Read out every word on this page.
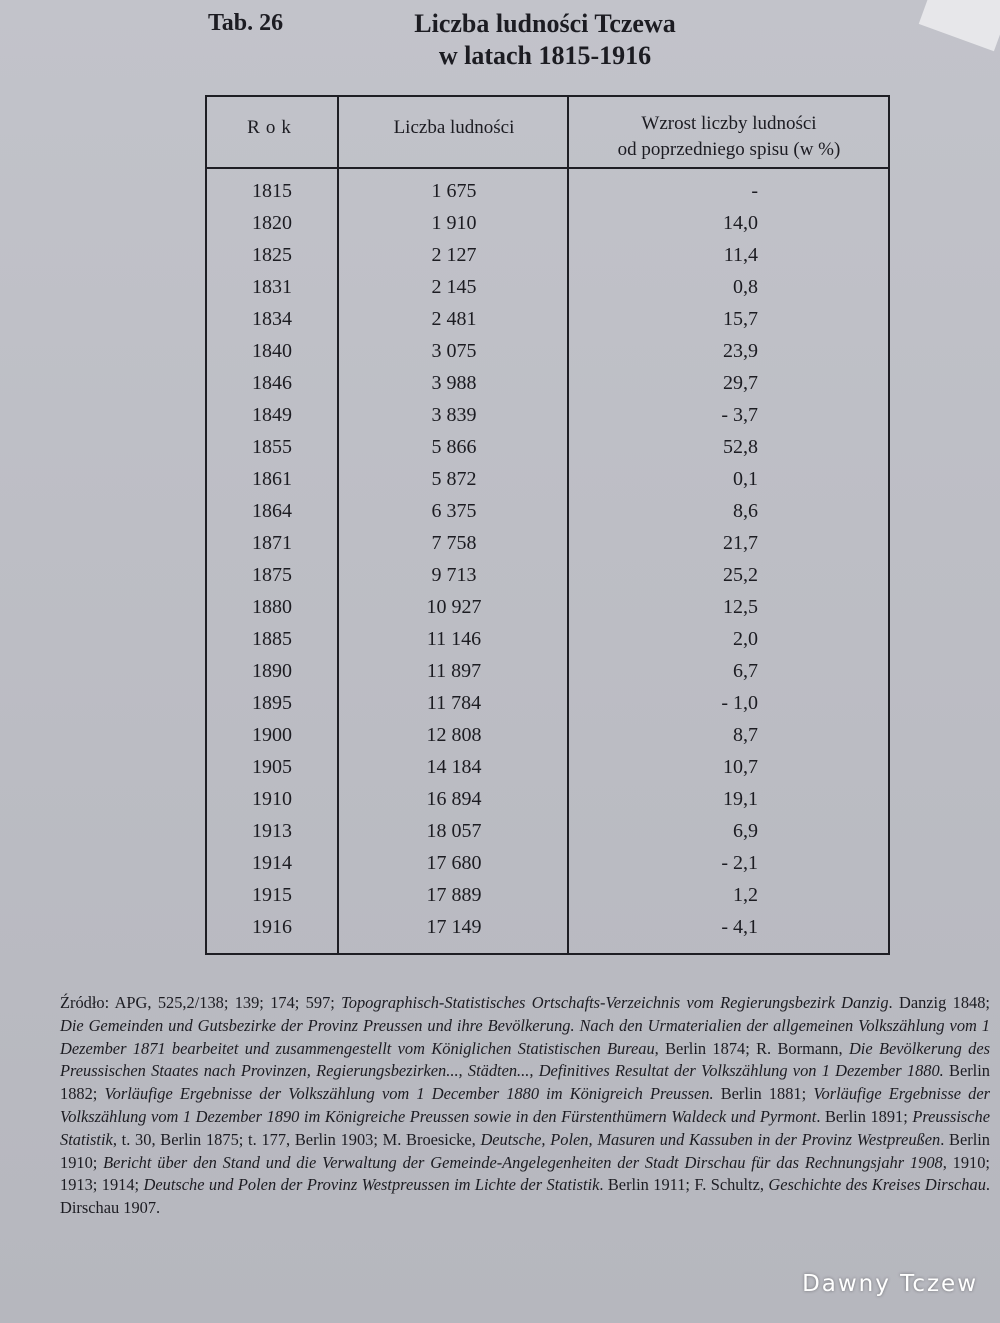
Tab. 26	Liczba ludności Tczewa
w latach 1815-1916
Rok	Liczba ludności	Wzrost liczby ludności
od poprzedniego spisu (w %)
1815	1 675	-
1820	1 910	14,0
1825	2 127	11,4
1831	2 145	0,8
1834	2 481	15,7
1840	3 075	23,9
1846	3 988	29,7
1849	3 839	- 3,7
1855	5 866	52,8
1861	5 872	0,1
1864	6 375	8,6
1871	7 758	21,7
1875	9 713	25,2
1880	10 927	12,5
1885	11 146	2,0
1890	11 897	6,7
1895	11 784	- 1,0
1900	12 808	8,7
1905	14 184	10,7
1910	16 894	19,1
1913	18 057	6,9
1914	17 680	- 2,1
1915	17 889	1,2
1916	17 149	- 4,1
Źródło: APG, 525,2/138; 139; 174; 597; Topographisch-Statistisches Ortschafts-Verzeichnis vom Regierungsbezirk Danzig. Danzig 1848; Die Gemeinden und Gutsbezirke der Provinz Preussen und ihre Bevölkerung. Nach den Urmaterialien der allgemeinen Volkszählung vom 1 Dezember 1871 bearbeitet und zusammengestellt vom Königlichen Statistischen Bureau, Berlin 1874; R. Bormann, Die Bevölkerung des Preussischen Staates nach Provinzen, Regierungsbezirken..., Städten..., Definitives Resultat der Volkszählung von 1 Dezember 1880. Berlin 1882; Vorläufige Ergebnisse der Volkszählung vom 1 December 1880 im Königreich Preussen. Berlin 1881; Vorläufige Ergebnisse der Volkszählung vom 1 Dezember 1890 im Königreiche Preussen sowie in den Fürstenthümern Waldeck und Pyrmont. Berlin 1891; Preussische Statistik, t. 30, Berlin 1875; t. 177, Berlin 1903; M. Broesicke, Deutsche, Polen, Masuren und Kassuben in der Provinz Westpreußen. Berlin 1910; Bericht über den Stand und die Verwaltung der Gemeinde-Angelegenheiten der Stadt Dirschau für das Rechnungsjahr 1908, 1910; 1913; 1914; Deutsche und Polen der Provinz Westpreussen im Lichte der Statistik. Berlin 1911; F. Schultz, Geschichte des Kreises Dirschau. Dirschau 1907.
Dawny Tczew
